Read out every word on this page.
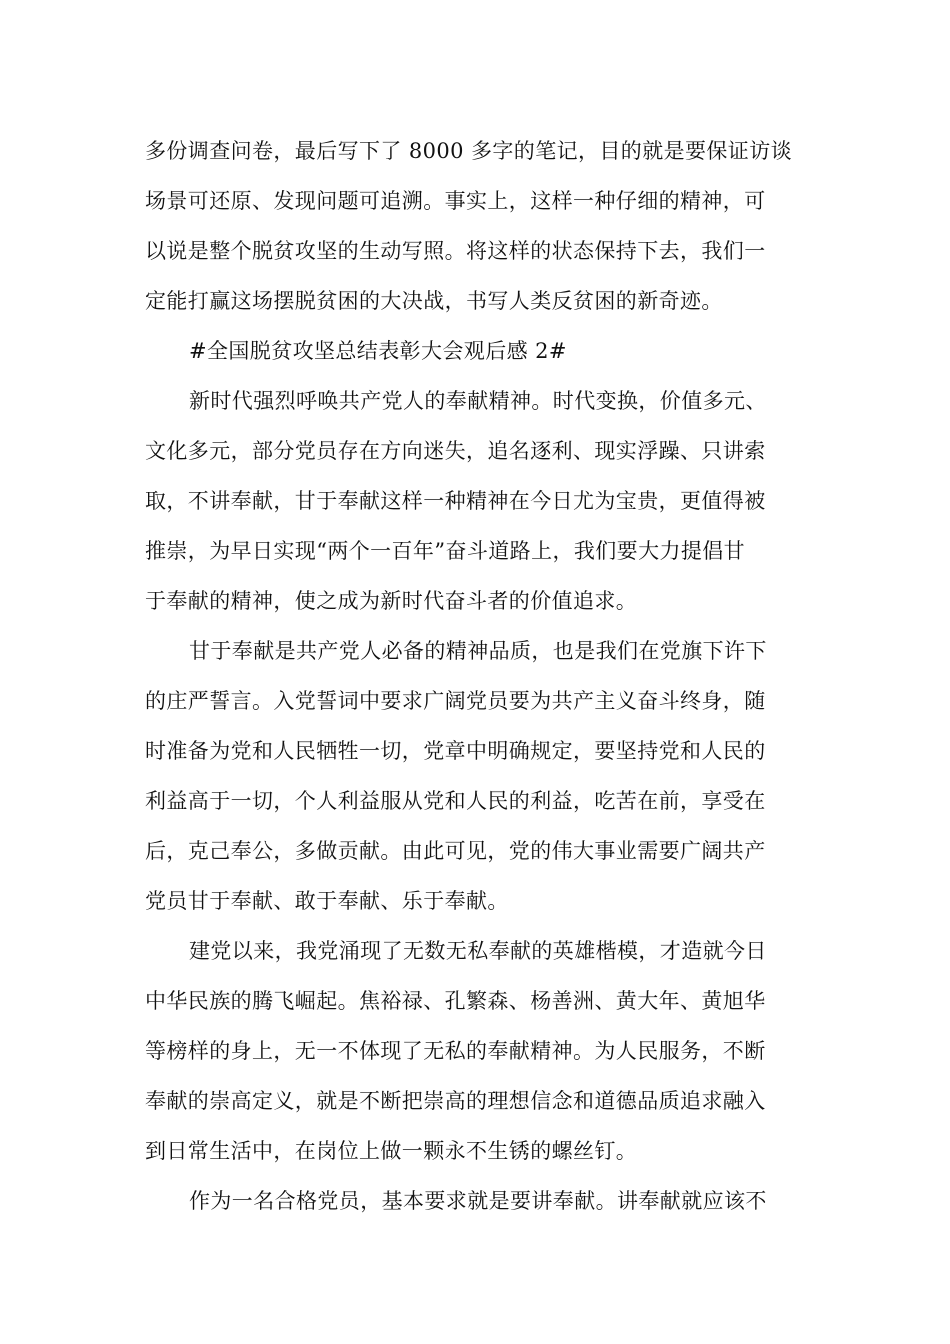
多份调查问卷，最后写下了 8000 多字的笔记，目的就是要保证访谈
场景可还原、发现问题可追溯。事实上，这样一种仔细的精神，可
以说是整个脱贫攻坚的生动写照。将这样的状态保持下去，我们一
定能打赢这场摆脱贫困的大决战，书写人类反贫困的新奇迹。
#全国脱贫攻坚总结表彰大会观后感 2#
新时代强烈呼唤共产党人的奉献精神。时代变换，价值多元、
文化多元，部分党员存在方向迷失，追名逐利、现实浮躁、只讲索
取，不讲奉献，甘于奉献这样一种精神在今日尤为宝贵，更值得被
推崇，为早日实现“两个一百年”奋斗道路上，我们要大力提倡甘
于奉献的精神，使之成为新时代奋斗者的价值追求。
甘于奉献是共产党人必备的精神品质，也是我们在党旗下许下
的庄严誓言。入党誓词中要求广阔党员要为共产主义奋斗终身，随
时准备为党和人民牺牲一切，党章中明确规定，要坚持党和人民的
利益高于一切，个人利益服从党和人民的利益，吃苦在前，享受在
后，克己奉公，多做贡献。由此可见，党的伟大事业需要广阔共产
党员甘于奉献、敢于奉献、乐于奉献。
建党以来，我党涌现了无数无私奉献的英雄楷模，才造就今日
中华民族的腾飞崛起。焦裕禄、孔繁森、杨善洲、黄大年、黄旭华
等榜样的身上，无一不体现了无私的奉献精神。为人民服务，不断
奉献的崇高定义，就是不断把崇高的理想信念和道德品质追求融入
到日常生活中，在岗位上做一颗永不生锈的螺丝钉。
作为一名合格党员，基本要求就是要讲奉献。讲奉献就应该不
